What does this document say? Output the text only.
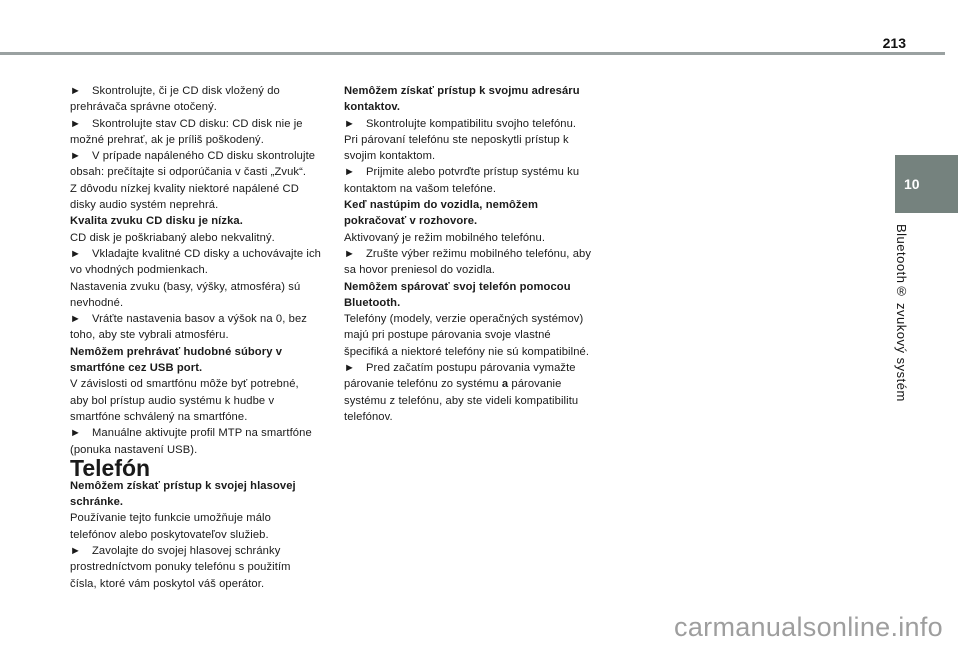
213
► Skontrolujte, či je CD disk vložený do
prehrávača správne otočený.
► Skontrolujte stav CD disku: CD disk nie je
možné prehrať, ak je príliš poškodený.
► V prípade napáleného CD disku skontrolujte
obsah: prečítajte si odporúčania v časti „Zvuk“.
Z dôvodu nízkej kvality niektoré napálené CD
disky audio systém neprehrá.
Kvalita zvuku CD disku je nízka.
CD disk je poškriabaný alebo nekvalitný.
► Vkladajte kvalitné CD disky a uchovávajte ich
vo vhodných podmienkach.
Nastavenia zvuku (basy, výšky, atmosféra) sú
nevhodné.
► Vráťte nastavenia basov a výšok na 0, bez
toho, aby ste vybrali atmosféru.
Nemôžem prehrávať hudobné súbory v
smartfóne cez USB port.
V závislosti od smartfónu môže byť potrebné,
aby bol prístup audio systému k hudbe v
smartfóne schválený na smartfóne.
► Manuálne aktivujte profil MTP na smartfóne
(ponuka nastavení USB).
Telefón
Nemôžem získať prístup k svojej hlasovej
schránke.
Používanie tejto funkcie umožňuje málo
telefónov alebo poskytovateľov služieb.
► Zavolajte do svojej hlasovej schránky
prostredníctvom ponuky telefónu s použitím
čísla, ktoré vám poskytol váš operátor.
Nemôžem získať prístup k svojmu adresáru
kontaktov.
► Skontrolujte kompatibilitu svojho telefónu.
Pri párovaní telefónu ste neposkytli prístup k
svojim kontaktom.
► Prijmite alebo potvrďte prístup systému ku
kontaktom na vašom telefóne.
Keď nastúpim do vozidla, nemôžem
pokračovať v rozhovore.
Aktivovaný je režim mobilného telefónu.
► Zrušte výber režimu mobilného telefónu, aby
sa hovor preniesol do vozidla.
Nemôžem spárovať svoj telefón pomocou
Bluetooth.
Telefóny (modely, verzie operačných systémov)
majú pri postupe párovania svoje vlastné
špecifiká a niektoré telefóny nie sú kompatibilné.
► Pred začatím postupu párovania vymažte
párovanie telefónu zo systému a párovanie
systému z telefónu, aby ste videli kompatibilitu
telefónov.
10
Bluetooth® zvukový systém
carmanualsonline.info
